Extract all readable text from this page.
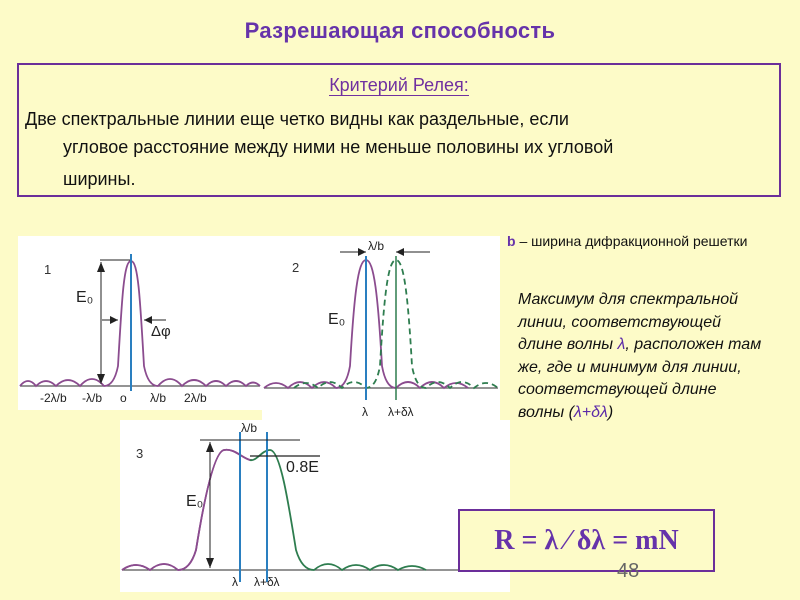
Разрешающая способность
Критерий Релея:
Две спектральные линии еще четко видны как раздельные, если
угловое расстояние между ними не меньше половины их угловой
ширины.
1
E₀
Δφ
-2λ/b -λ/b o λ/b 2λ/b
2
λ/b
E₀
λ λ+δλ
3
λ/b
0.8E
E₀
λ λ+δλ
b – ширина дифракционной решетки
Максимум для спектральной линии, соответствующей длине волны λ, расположен там же, где и минимум для линии, соответствующей длине волны (λ+δλ)
R = λ ⁄ δλ = mN
48
